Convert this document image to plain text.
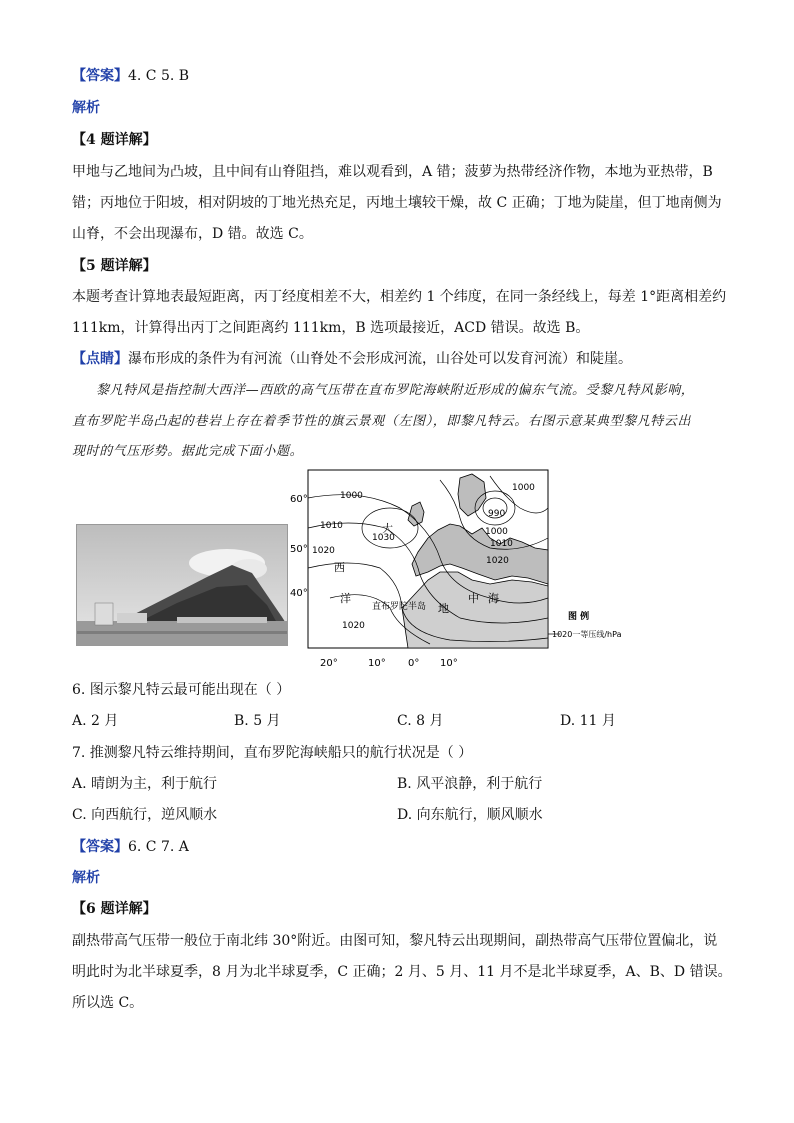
【答案】4. C 5. B
解析
【4 题详解】
甲地与乙地间为凸坡，且中间有山脊阻挡，难以观看到，A 错；菠萝为热带经济作物，本地为亚热带，B
错；丙地位于阳坡，相对阴坡的丁地光热充足，丙地土壤较干燥，故 C 正确；丁地为陡崖，但丁地南侧为
山脊，不会出现瀑布，D 错。故选 C。
【5 题详解】
本题考查计算地表最短距离，丙丁经度相差不大，相差约 1 个纬度，在同一条经线上，每差 1°距离相差约
111km，计算得出丙丁之间距离约 111km，B 选项最接近，ACD 错误。故选 B。
【点睛】瀑布形成的条件为有河流（山脊处不会形成河流，山谷处可以发育河流）和陡崖。
黎凡特风是指控制大西洋—西欧的高气压带在直布罗陀海峡附近形成的偏东气流。受黎凡特风影响，
直布罗陀半岛凸起的巷岩上存在着季节性的旗云景观（左图），即黎凡特云。右图示意某典型黎凡特云出
现时的气压形势。据此完成下面小题。
1000
1000
990
1010
1030
1020
1000
1010
1020
1020
大
西
洋
直布罗陀半岛 地
中 海
60°
50°
40°
20°	10° 0° 10°
图 例
1020一等压线/hPa
6. 图示黎凡特云最可能出现在（ ）
A. 2 月	B. 5 月	C. 8 月	D. 11 月
7. 推测黎凡特云维持期间，直布罗陀海峡船只的航行状况是（ ）
A. 晴朗为主，利于航行	B. 风平浪静，利于航行
C. 向西航行，逆风顺水	D. 向东航行，顺风顺水
【答案】6. C 7. A
解析
【6 题详解】
副热带高气压带一般位于南北纬 30°附近。由图可知，黎凡特云出现期间，副热带高气压带位置偏北，说
明此时为北半球夏季，8 月为北半球夏季，C 正确；2 月、5 月、11 月不是北半球夏季，A、B、D 错误。
所以选 C。
